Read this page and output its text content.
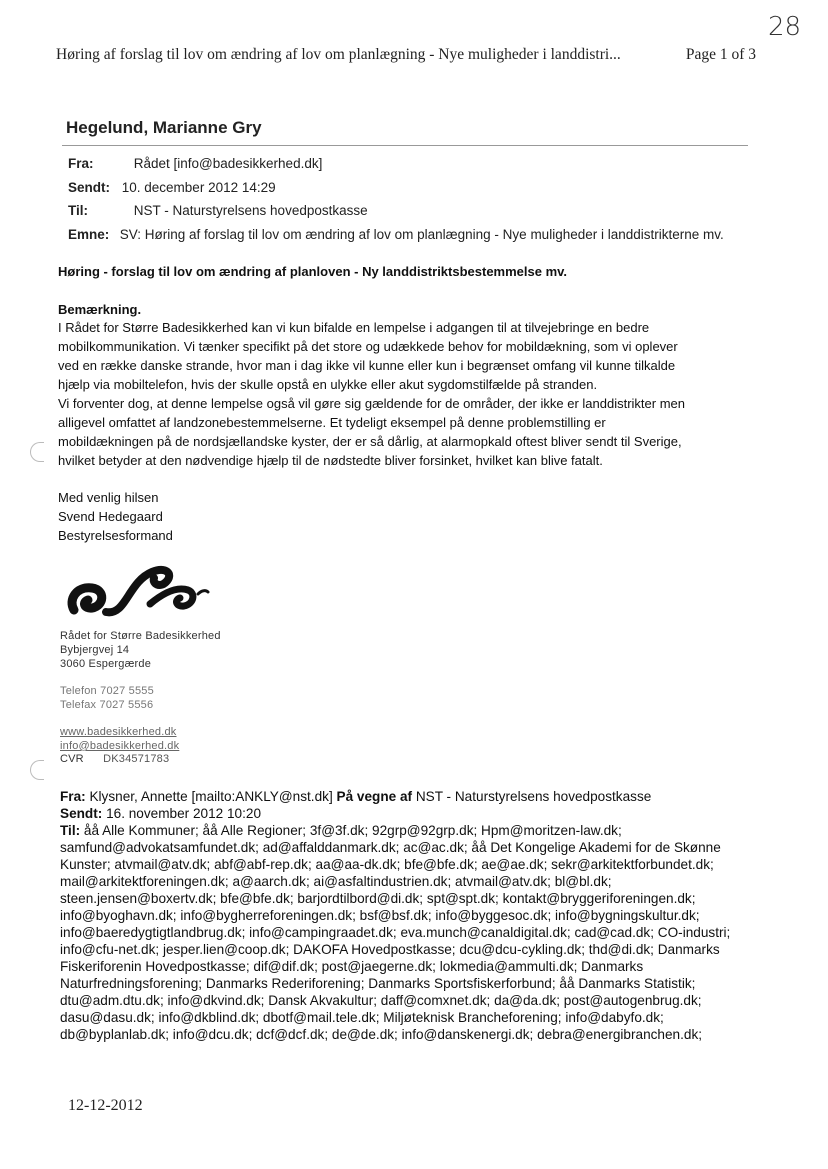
Høring af forslag til lov om ændring af lov om planlægning - Nye muligheder i landdistri...	Page 1 of 3
28
Hegelund, Marianne Gry
Fra:	Rådet [info@badesikkerhed.dk]
Sendt: 10. december 2012 14:29
Til:	NST - Naturstyrelsens hovedpostkasse
Emne: SV: Høring af forslag til lov om ændring af lov om planlægning - Nye muligheder i landdistrikterne mv.
Høring - forslag til lov om ændring af planloven - Ny landdistriktsbestemmelse mv.
Bemærkning.
I Rådet for Større Badesikkerhed kan vi kun bifalde en lempelse i adgangen til at tilvejebringe en bedre
mobilkommunikation. Vi tænker specifikt på det store og udækkede behov for mobildækning, som vi oplever
ved en række danske strande, hvor man i dag ikke vil kunne eller kun i begrænset omfang vil kunne tilkalde
hjælp via mobiltelefon, hvis der skulle opstå en ulykke eller akut sygdomstilfælde på stranden.
Vi forventer dog, at denne lempelse også vil gøre sig gældende for de områder, der ikke er landdistrikter men
alligevel omfattet af landzonebestemmelserne. Et tydeligt eksempel på denne problemstilling er
mobildækningen på de nordsjællandske kyster, der er så dårlig, at alarmopkald oftest bliver sendt til Sverige,
hvilket betyder at den nødvendige hjælp til de nødstedte bliver forsinket, hvilket kan blive fatalt.
Med venlig hilsen
Svend Hedegaard
Bestyrelsesformand
Rådet for Større Badesikkerhed
Bybjergvej 14
3060 Espergærde
Telefon 7027 5555
Telefax 7027 5556
www.badesikkerhed.dk
info@badesikkerhed.dk
CVR DK34571783
Fra: Klysner, Annette [mailto:ANKLY@nst.dk] På vegne af NST - Naturstyrelsens hovedpostkasse
Sendt: 16. november 2012 10:20
Til: åå Alle Kommuner; åå Alle Regioner; 3f@3f.dk; 92grp@92grp.dk; Hpm@moritzen-law.dk;
samfund@advokatsamfundet.dk; ad@affalddanmark.dk; ac@ac.dk; åå Det Kongelige Akademi for de Skønne
Kunster; atvmail@atv.dk; abf@abf-rep.dk; aa@aa-dk.dk; bfe@bfe.dk; ae@ae.dk; sekr@arkitektforbundet.dk;
mail@arkitektforeningen.dk; a@aarch.dk; ai@asfaltindustrien.dk; atvmail@atv.dk; bl@bl.dk;
steen.jensen@boxertv.dk; bfe@bfe.dk; barjordtilbord@di.dk; spt@spt.dk; kontakt@bryggeriforeningen.dk;
info@byoghavn.dk; info@bygherreforeningen.dk; bsf@bsf.dk; info@byggesoc.dk; info@bygningskultur.dk;
info@baeredygtigtlandbrug.dk; info@campingraadet.dk; eva.munch@canaldigital.dk; cad@cad.dk; CO-industri;
info@cfu-net.dk; jesper.lien@coop.dk; DAKOFA Hovedpostkasse; dcu@dcu-cykling.dk; thd@di.dk; Danmarks
Fiskeriforenin Hovedpostkasse; dif@dif.dk; post@jaegerne.dk; lokmedia@ammulti.dk; Danmarks
Naturfredningsforening; Danmarks Rederiforening; Danmarks Sportsfiskerforbund; åå Danmarks Statistik;
dtu@adm.dtu.dk; info@dkvind.dk; Dansk Akvakultur; daff@comxnet.dk; da@da.dk; post@autogenbrug.dk;
dasu@dasu.dk; info@dkblind.dk; dbotf@mail.tele.dk; Miljøteknisk Brancheforening; info@dabyfo.dk;
db@byplanlab.dk; info@dcu.dk; dcf@dcf.dk; de@de.dk; info@danskenergi.dk; debra@energibranchen.dk;
12-12-2012
